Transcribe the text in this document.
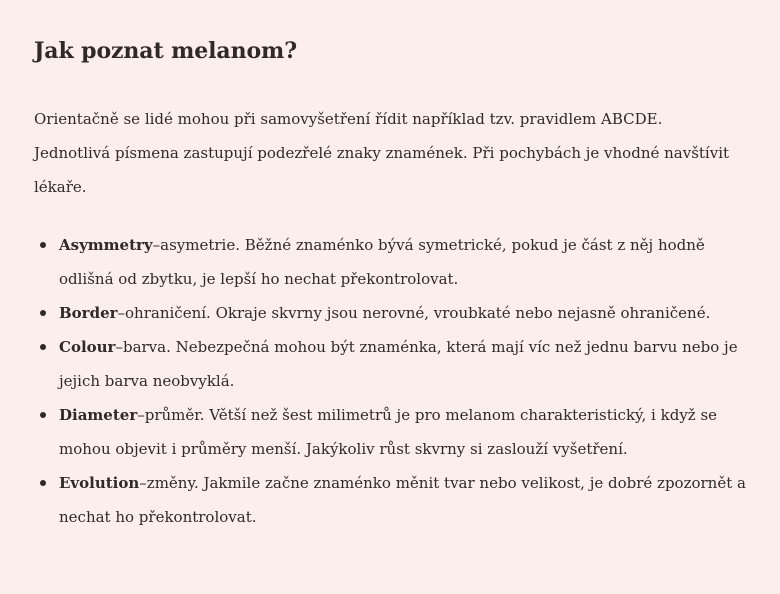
Jak poznat melanom?

Orientačně se lidé mohou při samovyšetření řídit například tzv. pravidlem ABCDE. Jednotlivá písmena zastupují podezřelé znaky znamének. Při pochybách je vhodné navštívit lékaře.

Asymmetry–asymetrie. Běžné znaménko bývá symetrické, pokud je část z něj hodně odlišná od zbytku, je lepší ho nechat překontrolovat.
Border–ohraničení. Okraje skvrny jsou nerovné, vroubkaté nebo nejasně ohraničené.
Colour–barva. Nebezpečná mohou být znaménka, která mají víc než jednu barvu nebo je jejich barva neobvyklá.
Diameter–průměr. Větší než šest milimetrů je pro melanom charakteristický, i když se mohou objevit i průměry menší. Jakýkoliv růst skvrny si zaslouží vyšetření.
Evolution–změny. Jakmile začne znaménko měnit tvar nebo velikost, je dobré zpozornět a nechat ho překontrolovat.
